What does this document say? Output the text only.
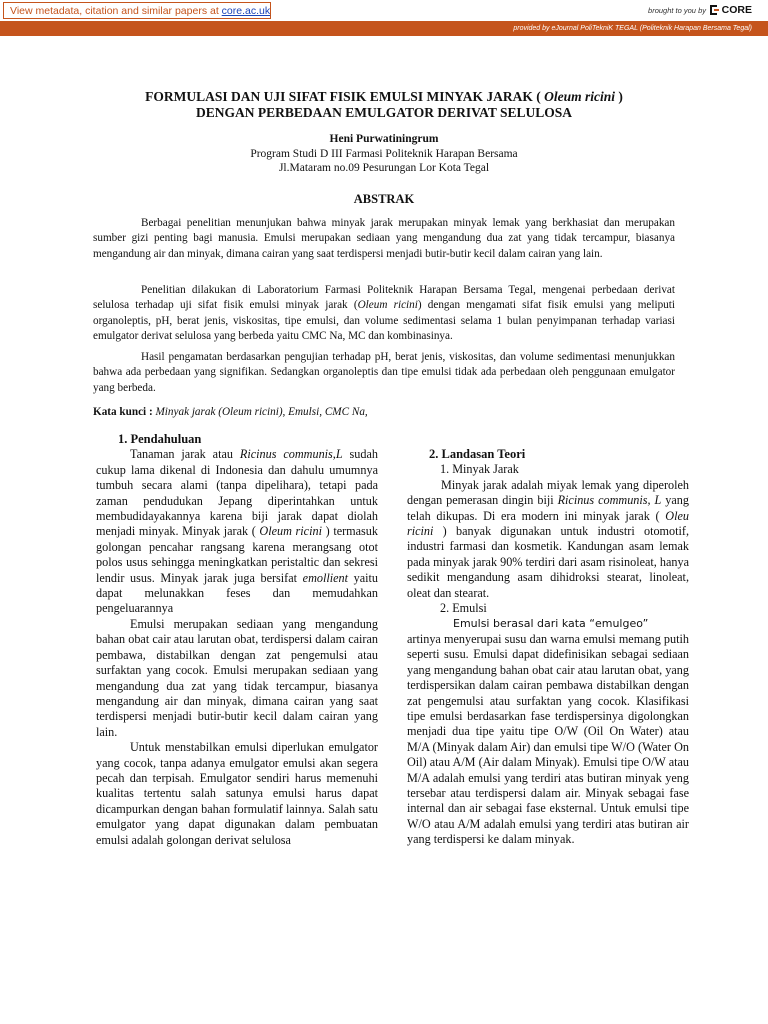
View metadata, citation and similar papers at core.ac.uk	brought to you by	CORE
provided by eJournal PoliTekniK TEGAL (Politeknik Harapan Bersama Tegal)
FORMULASI DAN UJI SIFAT FISIK EMULSI MINYAK JARAK ( Oleum ricini )
DENGAN PERBEDAAN EMULGATOR DERIVAT SELULOSA
Heni Purwatiningrum
Program Studi D III Farmasi Politeknik Harapan Bersama
Jl.Mataram no.09 Pesurungan Lor Kota Tegal
ABSTRAK

Berbagai penelitian menunjukan bahwa minyak jarak merupakan minyak lemak yang berkhasiat dan merupakan sumber gizi penting bagi manusia. Emulsi merupakan sediaan yang mengandung dua zat yang tidak tercampur, biasanya mengandung air dan minyak, dimana cairan yang saat terdispersi menjadi butir-butir kecil dalam cairan yang lain.

Penelitian dilakukan di Laboratorium Farmasi Politeknik Harapan Bersama Tegal, mengenai perbedaan derivat selulosa terhadap uji sifat fisik emulsi minyak jarak (Oleum ricini) dengan mengamati sifat fisik emulsi yang meliputi organoleptis, pH, berat jenis, viskositas, tipe emulsi, dan volume sedimentasi selama 1 bulan penyimpanan terhadap variasi emulgator derivat selulosa yang berbeda yaitu CMC Na, MC dan kombinasinya.

Hasil pengamatan berdasarkan pengujian terhadap pH, berat jenis, viskositas, dan volume sedimentasi menunjukkan bahwa ada perbedaan yang signifikan. Sedangkan organoleptis dan tipe emulsi tidak ada perbedaan oleh penggunaan emulgator yang berbeda.

Kata kunci : Minyak jarak (Oleum ricini), Emulsi, CMC Na,
1. Pendahuluan

Tanaman jarak atau Ricinus communis,L sudah cukup lama dikenal di Indonesia dan dahulu umumnya tumbuh secara alami (tanpa dipelihara), tetapi pada zaman pendudukan Jepang diperintahkan untuk membudidayakannya karena biji jarak dapat diolah menjadi minyak. Minyak jarak ( Oleum ricini ) termasuk golongan pencahar rangsang karena merangsang otot polos usus sehingga meningkatkan peristaltic dan sekresi lendir usus. Minyak jarak juga bersifat emollient yaitu dapat melunakkan feses dan memudahkan pengeluarannya

Emulsi merupakan sediaan yang mengandung bahan obat cair atau larutan obat, terdispersi dalam cairan pembawa, distabilkan dengan zat pengemulsi atau surfaktan yang cocok. Emulsi merupakan sediaan yang mengandung dua zat yang tidak tercampur, biasanya mengandung air dan minyak, dimana cairan yang saat terdispersi menjadi butir-butir kecil dalam cairan yang lain.

Untuk menstabilkan emulsi diperlukan emulgator yang cocok, tanpa adanya emulgator emulsi akan segera pecah dan terpisah. Emulgator sendiri harus memenuhi kualitas tertentu salah satunya emulsi harus dapat dicampurkan dengan bahan formulatif lainnya. Salah satu emulgator yang dapat digunakan dalam pembuatan emulsi adalah golongan derivat selulosa

2. Landasan Teori
1. Minyak Jarak

Minyak jarak adalah miyak lemak yang diperoleh dengan pemerasan dingin biji Ricinus communis, L yang telah dikupas. Di era modern ini minyak jarak ( Oleu ricini ) banyak digunakan untuk industri otomotif, industri farmasi dan kosmetik. Kandungan asam lemak pada minyak jarak 90% terdiri dari asam risinoleat, hanya sedikit mengandung asam dihidroksi stearat, linoleat, oleat dan stearat.

2. Emulsi

Emulsi berasal dari kata “emulgeo”

artinya menyerupai susu dan warna emulsi memang putih seperti susu. Emulsi dapat didefinisikan sebagai sediaan yang mengandung bahan obat cair atau larutan obat, yang terdispersikan dalam cairan pembawa distabilkan dengan zat pengemulsi atau surfaktan yang cocok. Klasifikasi tipe emulsi berdasarkan fase terdispersinya digolongkan menjadi dua tipe yaitu tipe O/W (Oil On Water) atau M/A (Minyak dalam Air) dan emulsi tipe W/O (Water On Oil) atau A/M (Air dalam Minyak). Emulsi tipe O/W atau M/A adalah emulsi yang terdiri atas butiran minyak yeng tersebar atau terdispersi dalam air. Minyak sebagai fase internal dan air sebagai fase eksternal. Untuk emulsi tipe W/O atau A/M adalah emulsi yang terdiri atas butiran air yang terdispersi ke dalam minyak.
